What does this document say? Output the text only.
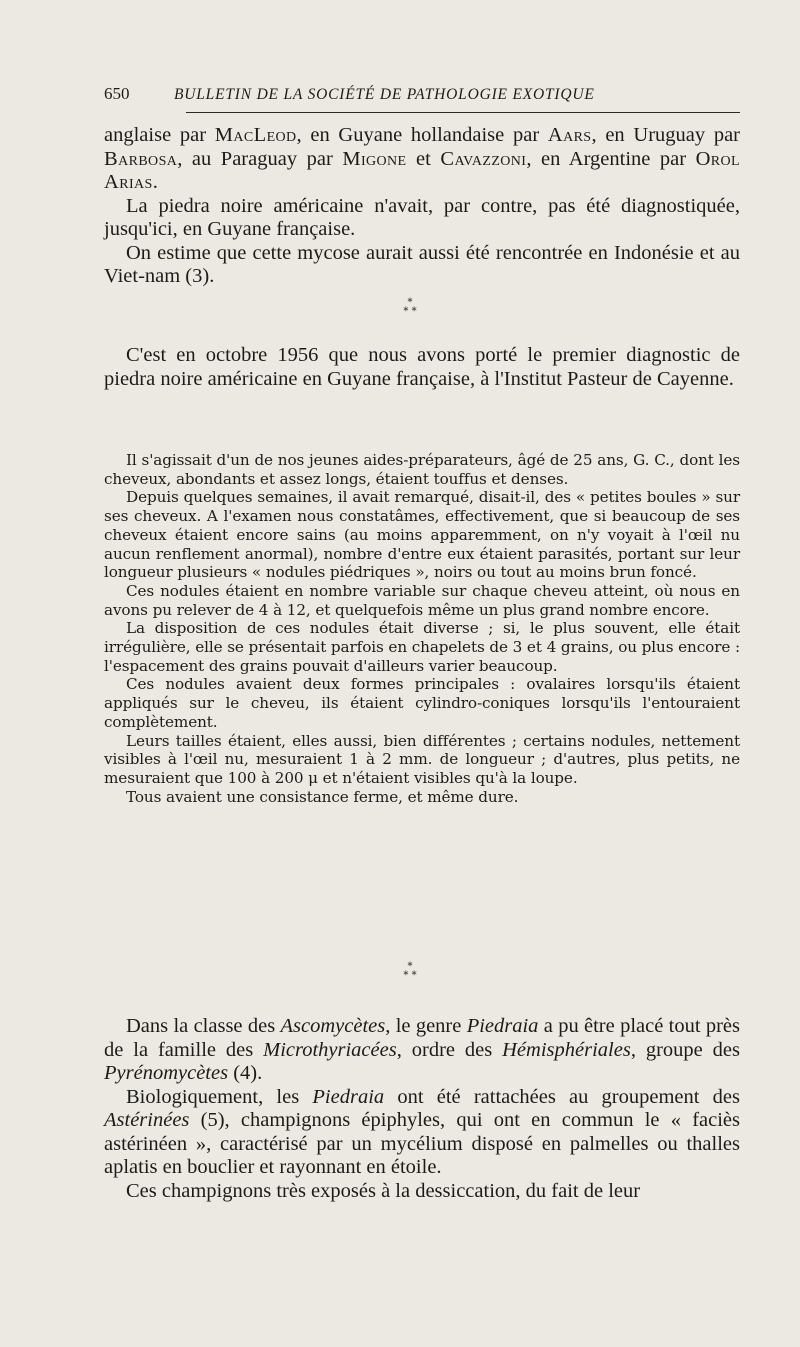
650	BULLETIN DE LA SOCIÉTÉ DE PATHOLOGIE EXOTIQUE

anglaise par MacLeod, en Guyane hollandaise par Aars, en Uruguay par Barbosa, au Paraguay par Migone et Cavazzoni, en Argentine par Orol Arias.

La piedra noire américaine n'avait, par contre, pas été diagnostiquée, jusqu'ici, en Guyane française.

On estime que cette mycose aurait aussi été rencontrée en Indonésie et au Viet-nam (3).

*
* *

C'est en octobre 1956 que nous avons porté le premier diagnostic de piedra noire américaine en Guyane française, à l'Institut Pasteur de Cayenne.

Il s'agissait d'un de nos jeunes aides-préparateurs, âgé de 25 ans, G. C., dont les cheveux, abondants et assez longs, étaient touffus et denses.

Depuis quelques semaines, il avait remarqué, disait-il, des « petites boules » sur ses cheveux. A l'examen nous constatâmes, effectivement, que si beaucoup de ses cheveux étaient encore sains (au moins apparemment, on n'y voyait à l'œil nu aucun renflement anormal), nombre d'entre eux étaient parasités, portant sur leur longueur plusieurs « nodules piédriques », noirs ou tout au moins brun foncé.

Ces nodules étaient en nombre variable sur chaque cheveu atteint, où nous en avons pu relever de 4 à 12, et quelquefois même un plus grand nombre encore.

La disposition de ces nodules était diverse ; si, le plus souvent, elle était irrégulière, elle se présentait parfois en chapelets de 3 et 4 grains, ou plus encore : l'espacement des grains pouvait d'ailleurs varier beaucoup.

Ces nodules avaient deux formes principales : ovalaires lorsqu'ils étaient appliqués sur le cheveu, ils étaient cylindro-coniques lorsqu'ils l'entouraient complètement.

Leurs tailles étaient, elles aussi, bien différentes ; certains nodules, nettement visibles à l'œil nu, mesuraient 1 à 2 mm. de longueur ; d'autres, plus petits, ne mesuraient que 100 à 200 μ et n'étaient visibles qu'à la loupe.

Tous avaient une consistance ferme, et même dure.

*
* *

Dans la classe des Ascomycètes, le genre Piedraia a pu être placé tout près de la famille des Microthyriacées, ordre des Hémisphériales, groupe des Pyrénomycètes (4).

Biologiquement, les Piedraia ont été rattachées au groupement des Astérinées (5), champignons épiphyles, qui ont en commun le « faciès astérinéen », caractérisé par un mycélium disposé en palmelles ou thalles aplatis en bouclier et rayonnant en étoile.

Ces champignons très exposés à la dessiccation, du fait de leur
